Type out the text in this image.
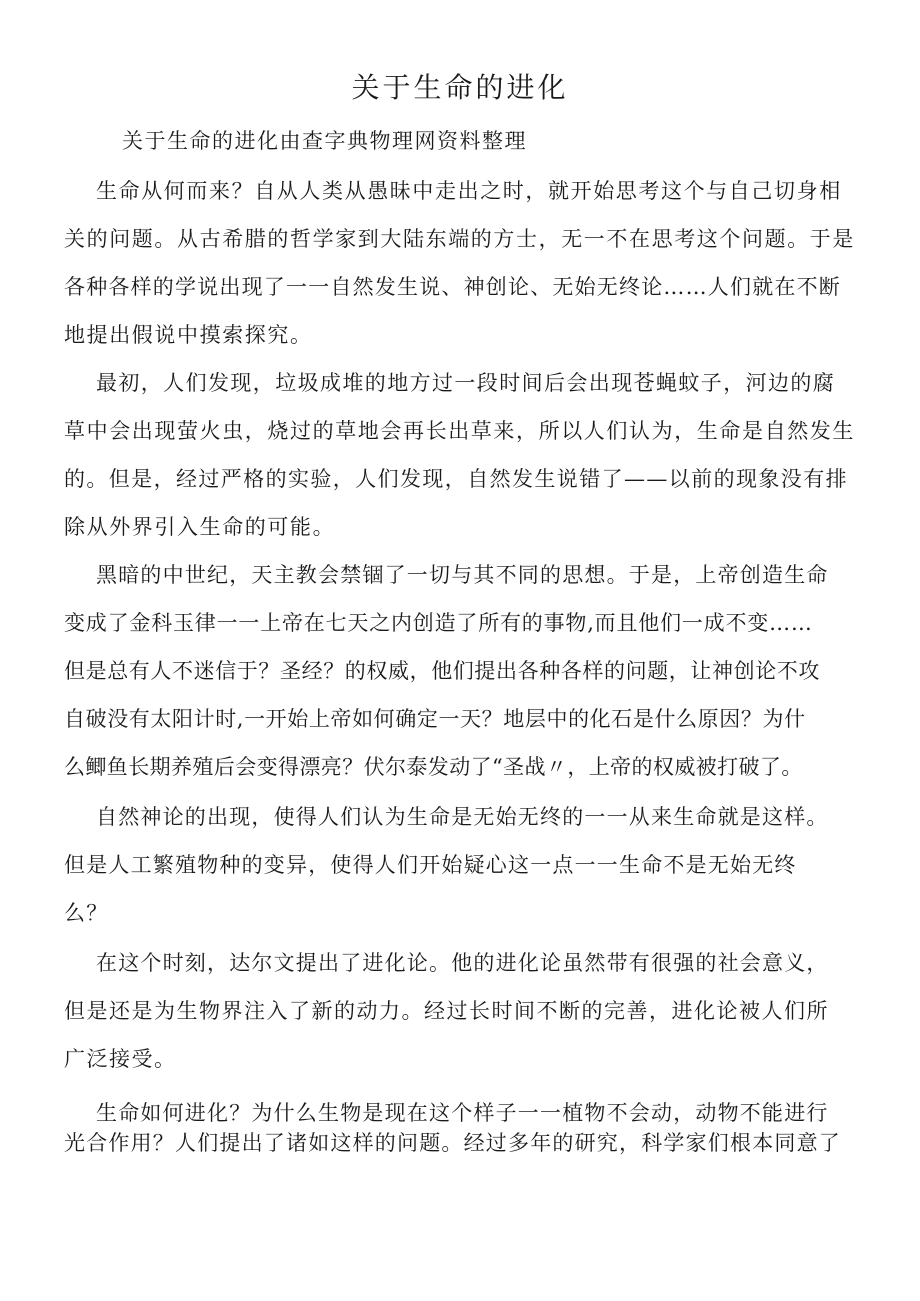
关于生命的进化
关于生命的进化由查字典物理网资料整理
生命从何而来？自从人类从愚昧中走出之时，就开始思考这个与自己切身相
关的问题。从古希腊的哲学家到大陆东端的方士，无一不在思考这个问题。于是
各种各样的学说出现了一一自然发生说、神创论、无始无终论……人们就在不断
地提出假说中摸索探究。
最初，人们发现，垃圾成堆的地方过一段时间后会出现苍蝇蚊子，河边的腐
草中会出现萤火虫，烧过的草地会再长出草来，所以人们认为，生命是自然发生
的。但是，经过严格的实验，人们发现，自然发生说错了——以前的现象没有排
除从外界引入生命的可能。
黑暗的中世纪，天主教会禁锢了一切与其不同的思想。于是，上帝创造生命
变成了金科玉律一一上帝在七天之内创造了所有的事物,而且他们一成不变……
但是总有人不迷信于？圣经？的权威，他们提出各种各样的问题，让神创论不攻
自破没有太阳计时,一开始上帝如何确定一天？地层中的化石是什么原因？为什
么鲫鱼长期养殖后会变得漂亮？伏尔泰发动了“圣战〃，上帝的权威被打破了。
自然神论的出现，使得人们认为生命是无始无终的一一从来生命就是这样。
但是人工繁殖物种的变异，使得人们开始疑心这一点一一生命不是无始无终
么？
在这个时刻，达尔文提出了进化论。他的进化论虽然带有很强的社会意义，
但是还是为生物界注入了新的动力。经过长时间不断的完善，进化论被人们所
广泛接受。
生命如何进化？为什么生物是现在这个样子一一植物不会动，动物不能进行
光合作用？人们提出了诸如这样的问题。经过多年的研究，科学家们根本同意了
